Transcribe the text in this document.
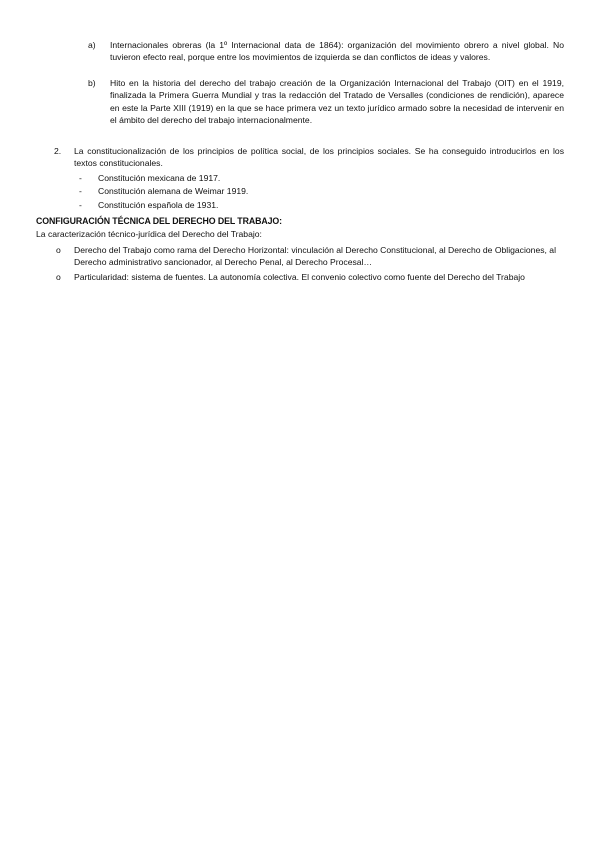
a) Internacionales obreras (la 1º Internacional data de 1864): organización del movimiento obrero a nivel global. No tuvieron efecto real, porque entre los movimientos de izquierda se dan conflictos de ideas y valores.

b) Hito en la historia del derecho del trabajo creación de la Organización Internacional del Trabajo (OIT) en el 1919, finalizada la Primera Guerra Mundial y tras la redacción del Tratado de Versalles (condiciones de rendición), aparece en este la Parte XIII (1919) en la que se hace primera vez un texto jurídico armado sobre la necesidad de intervenir en el ámbito del derecho del trabajo internacionalmente.

2. La constitucionalización de los principios de política social, de los principios sociales. Se ha conseguido introducirlos en los textos constitucionales.

- Constitución mexicana de 1917.

- Constitución alemana de Weimar 1919.

- Constitución española de 1931.

CONFIGURACIÓN TÉCNICA DEL DERECHO DEL TRABAJO:

La caracterización técnico-jurídica del Derecho del Trabajo:

o Derecho del Trabajo como rama del Derecho Horizontal: vinculación al Derecho Constitucional, al Derecho de Obligaciones, al Derecho administrativo sancionador, al Derecho Penal, al Derecho Procesal…

o Particularidad: sistema de fuentes. La autonomía colectiva. El convenio colectivo como fuente del Derecho del Trabajo
